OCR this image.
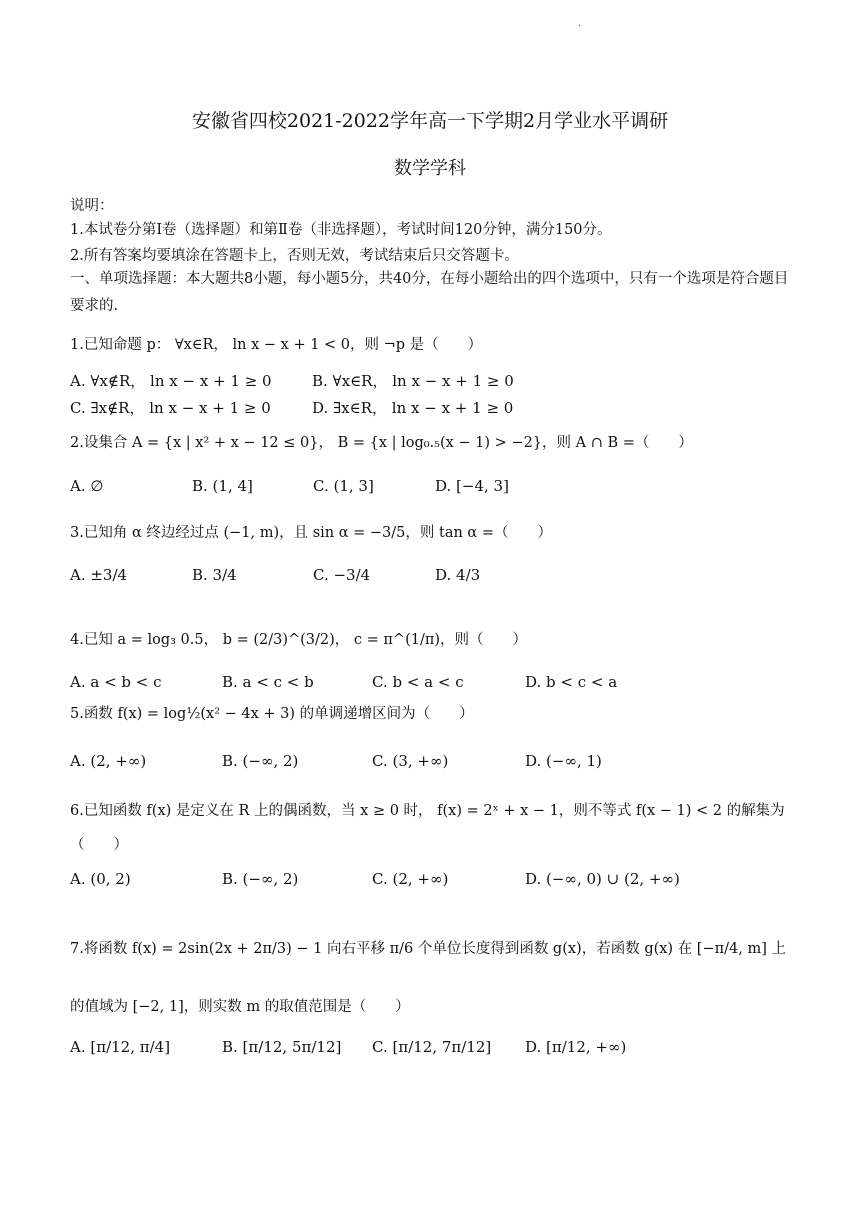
.
安徽省四校2021-2022学年高一下学期2月学业水平调研
数学学科
说明：
1.本试卷分第Ⅰ卷（选择题）和第Ⅱ卷（非选择题），考试时间120分钟，满分150分。
2.所有答案均要填涂在答题卡上，否则无效，考试结束后只交答题卡。
一、单项选择题：本大题共8小题，每小题5分，共40分，在每小题给出的四个选项中，只有一个选项是符合题目要求的.
1.已知命题 p： ∀x∈R， ln x − x + 1 < 0，则 ¬p 是（　　）
A. ∀x∉R， ln x − x + 1 ≥ 0	B. ∀x∈R， ln x − x + 1 ≥ 0
C. ∃x∉R， ln x − x + 1 ≥ 0	D. ∃x∈R， ln x − x + 1 ≥ 0
2.设集合 A = {x | x² + x − 12 ≤ 0}， B = {x | log₀.₅(x − 1) > −2}，则 A ∩ B =（　　）
A. ∅	B. (1, 4]	C. (1, 3]	D. [−4, 3]
3.已知角 α 终边经过点 (−1, m)，且 sin α = −3/5，则 tan α =（　　）
A. ±3/4	B. 3/4	C. −3/4	D. 4/3
4.已知 a = log₃ 0.5， b = (2/3)^(3/2)， c = π^(1/π)，则（　　）
A. a < b < c	B. a < c < b	C. b < a < c	D. b < c < a
5.函数 f(x) = log½(x² − 4x + 3) 的单调递增区间为（　　）
A. (2, +∞)	B. (−∞, 2)	C. (3, +∞)	D. (−∞, 1)
6.已知函数 f(x) 是定义在 R 上的偶函数，当 x ≥ 0 时， f(x) = 2ˣ + x − 1，则不等式 f(x − 1) < 2 的解集为（　　）
A. (0, 2)	B. (−∞, 2)	C. (2, +∞)	D. (−∞, 0) ∪ (2, +∞)
7.将函数 f(x) = 2sin(2x + 2π/3) − 1 向右平移 π/6 个单位长度得到函数 g(x)，若函数 g(x) 在 [−π/4, m] 上的值域为 [−2, 1]，则实数 m 的取值范围是（　　）
A. [π/12, π/4]	B. [π/12, 5π/12] C. [π/12, 7π/12] D. [π/12, +∞)
